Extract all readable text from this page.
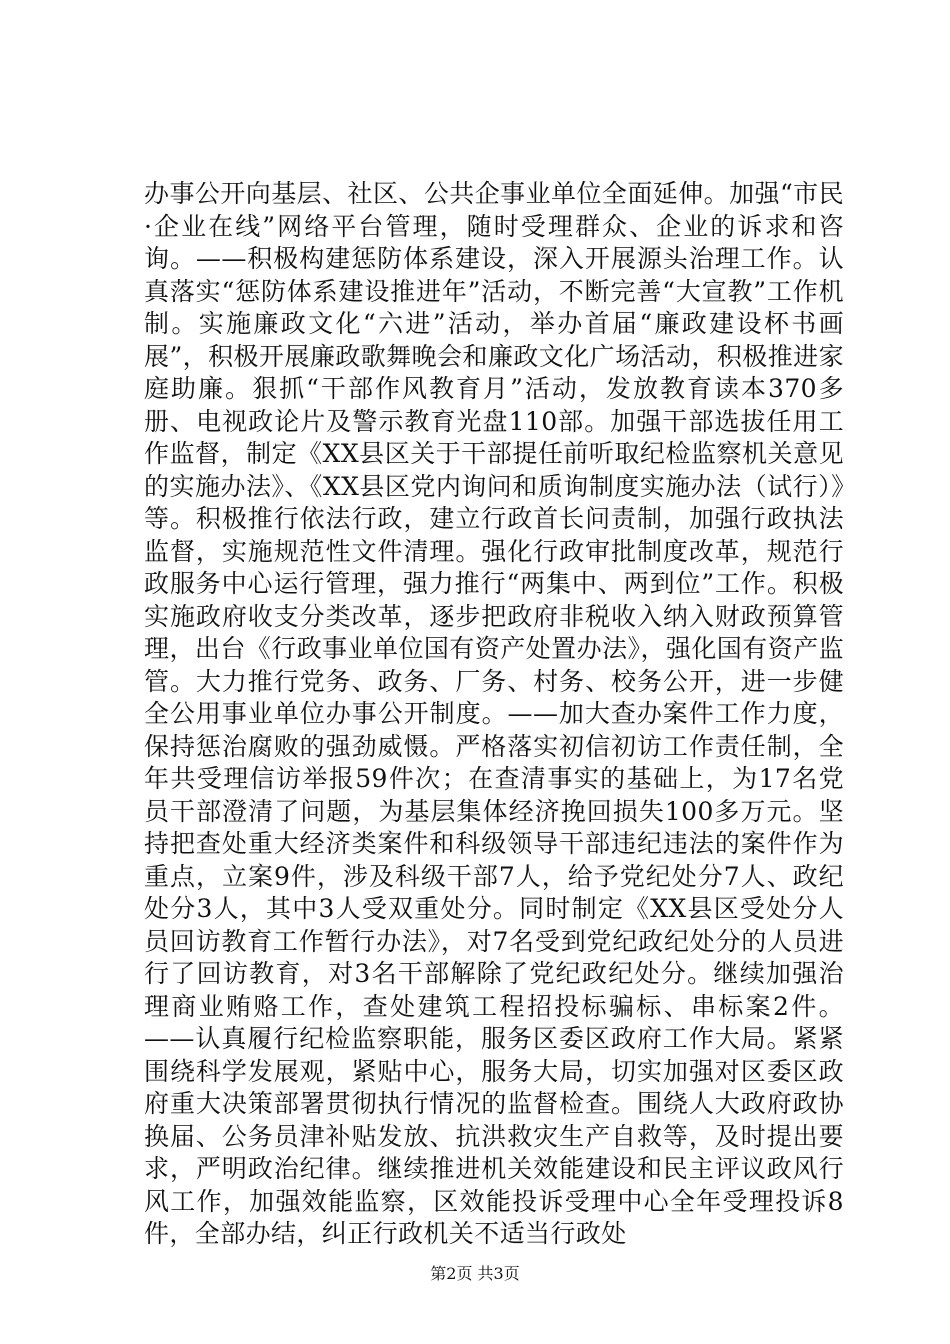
办事公开向基层、社区、公共企事业单位全面延伸。加强“市民·企业在线”网络平台管理，随时受理群众、企业的诉求和咨询。——积极构建惩防体系建设，深入开展源头治理工作。认真落实“惩防体系建设推进年”活动，不断完善“大宣教”工作机制。实施廉政文化“六进”活动，举办首届“廉政建设杯书画展”，积极开展廉政歌舞晚会和廉政文化广场活动，积极推进家庭助廉。狠抓“干部作风教育月”活动，发放教育读本370多册、电视政论片及警示教育光盘110部。加强干部选拔任用工作监督，制定《XX县区关于干部提任前听取纪检监察机关意见的实施办法》、《XX县区党内询问和质询制度实施办法（试行）》等。积极推行依法行政，建立行政首长问责制，加强行政执法监督，实施规范性文件清理。强化行政审批制度改革，规范行政服务中心运行管理，强力推行“两集中、两到位”工作。积极实施政府收支分类改革，逐步把政府非税收入纳入财政预算管理，出台《行政事业单位国有资产处置办法》，强化国有资产监管。大力推行党务、政务、厂务、村务、校务公开，进一步健全公用事业单位办事公开制度。——加大查办案件工作力度，保持惩治腐败的强劲威慑。严格落实初信初访工作责任制，全年共受理信访举报59件次；在查清事实的基础上，为17名党员干部澄清了问题，为基层集体经济挽回损失100多万元。坚持把查处重大经济类案件和科级领导干部违纪违法的案件作为重点，立案9件，涉及科级干部7人，给予党纪处分7人、政纪处分3人，其中3人受双重处分。同时制定《XX县区受处分人员回访教育工作暂行办法》，对7名受到党纪政纪处分的人员进行了回访教育，对3名干部解除了党纪政纪处分。继续加强治理商业贿赂工作，查处建筑工程招投标骗标、串标案2件。——认真履行纪检监察职能，服务区委区政府工作大局。紧紧围绕科学发展观，紧贴中心，服务大局，切实加强对区委区政府重大决策部署贯彻执行情况的监督检查。围绕人大政府政协换届、公务员津补贴发放、抗洪救灾生产自救等，及时提出要求，严明政治纪律。继续推进机关效能建设和民主评议政风行风工作，加强效能监察，区效能投诉受理中心全年受理投诉8件，全部办结，纠正行政机关不适当行政处

第2页 共3页
